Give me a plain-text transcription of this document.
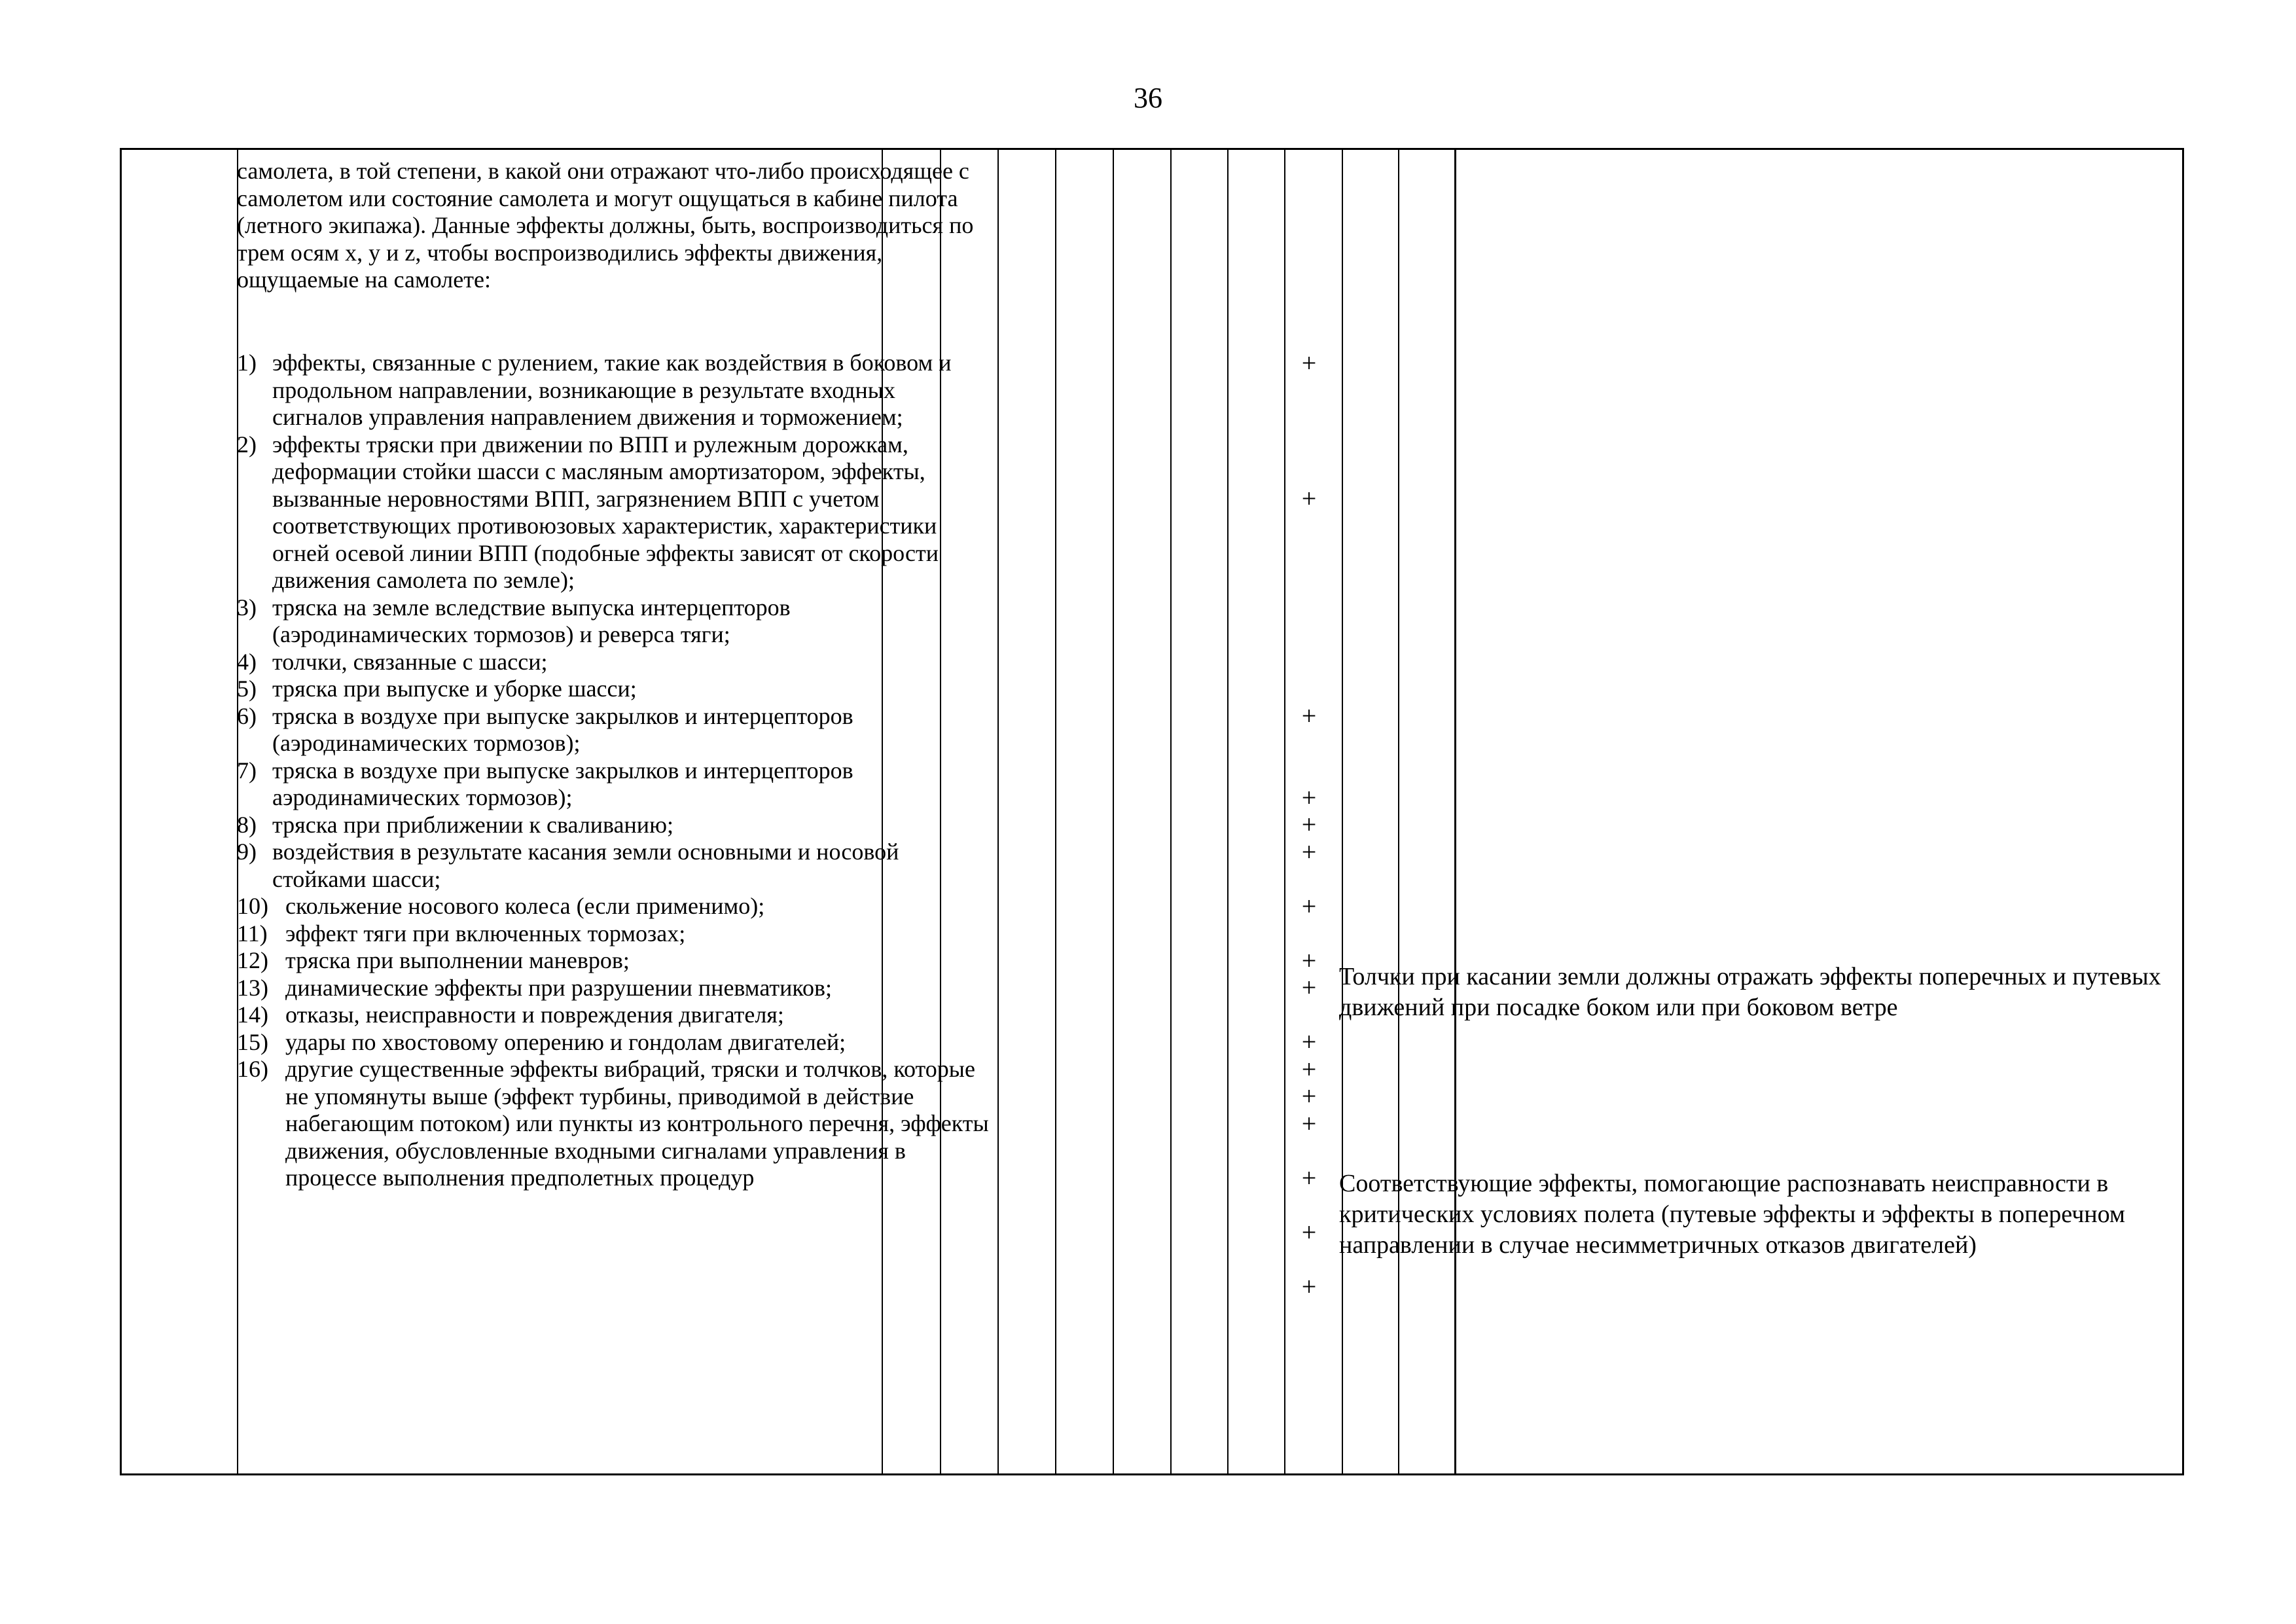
36

самолета, в той степени, в какой они отражают что-либо происходящее с самолетом или состояние самолета и могут ощущаться в кабине пилота (летного экипажа). Данные эффекты должны, быть, воспроизводиться по трем осям x, y и z, чтобы воспроизводились эффекты движения, ощущаемые на самолете:

1) эффекты, связанные с рулением, такие как воздействия в боковом и продольном направлении, возникающие в результате входных сигналов управления направлением движения и торможением;
2) эффекты тряски при движении по ВПП и рулежным дорожкам, деформации стойки шасси с масляным амортизатором, эффекты, вызванные неровностями ВПП, загрязнением ВПП с учетом соответствующих противоюзовых характеристик, характеристики огней осевой линии ВПП (подобные эффекты зависят от скорости движения самолета по земле);
3) тряска на земле вследствие выпуска интерцепторов (аэродинамических тормозов) и реверса тяги;
4) толчки, связанные с шасси;
5) тряска при выпуске и уборке шасси;
6) тряска в воздухе при выпуске закрылков и интерцепторов (аэродинамических тормозов);
7) тряска в воздухе при выпуске закрылков и интерцепторов аэродинамических тормозов);
8) тряска при приближении к сваливанию;
9) воздействия в результате касания земли основными и носовой стойками шасси;
10) скольжение носового колеса (если применимо);
11) эффект тяги при включенных тормозах;
12) тряска при выполнении маневров;
13) динамические эффекты при разрушении пневматиков;
14) отказы, неисправности и повреждения двигателя;
15) удары по хвостовому оперению и гондолам двигателей;
16) другие существенные эффекты вибраций, тряски и толчков, которые не упомянуты выше (эффект турбины, приводимой в действие набегающим потоком) или пункты из контрольного перечня, эффекты движения, обусловленные входными сигналами управления в процессе выполнения предполетных процедур
+
+
+
+
+
+
+
+
+
+
+
+
+
+
+
+

Толчки при касании земли должны отражать эффекты поперечных и путевых движений при посадке боком или при боковом ветре

Соответствующие эффекты, помогающие распознавать неисправности в критических условиях полета (путевые эффекты и эффекты в поперечном направлении в случае несимметричных отказов двигателей)
